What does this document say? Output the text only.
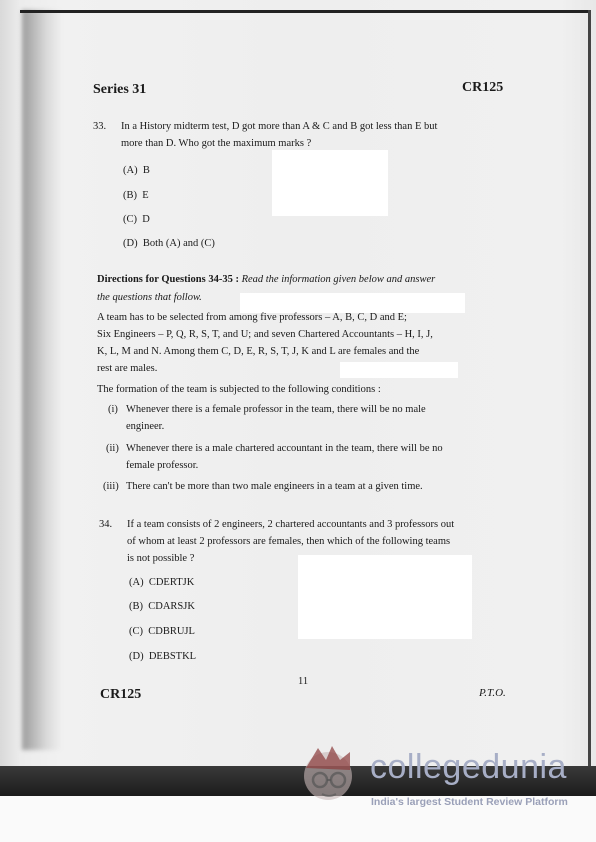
Series 31	CR125
33. In a History midterm test, D got more than A & C and B got less than E but
more than D. Who got the maximum marks ?
(A) B
(B) E
(C) D
(D) Both (A) and (C)
Directions for Questions 34-35 : Read the information given below and answer
the questions that follow.
A team has to be selected from among five professors – A, B, C, D and E;
Six Engineers – P, Q, R, S, T, and U; and seven Chartered Accountants – H, I, J,
K, L, M and N. Among them C, D, E, R, S, T, J, K and L are females and the
rest are males.
The formation of the team is subjected to the following conditions :
(i) Whenever there is a female professor in the team, there will be no male
engineer.
(ii) Whenever there is a male chartered accountant in the team, there will be no
female professor.
(iii) There can't be more than two male engineers in a team at a given time.
34. If a team consists of 2 engineers, 2 chartered accountants and 3 professors out
of whom at least 2 professors are females, then which of the following teams
is not possible ?
(A) CDERTJK
(B) CDARSJK
(C) CDBRUJL
(D) DEBSTKL
11
CR125	P.T.O.
collegedunia
India's largest Student Review Platform
